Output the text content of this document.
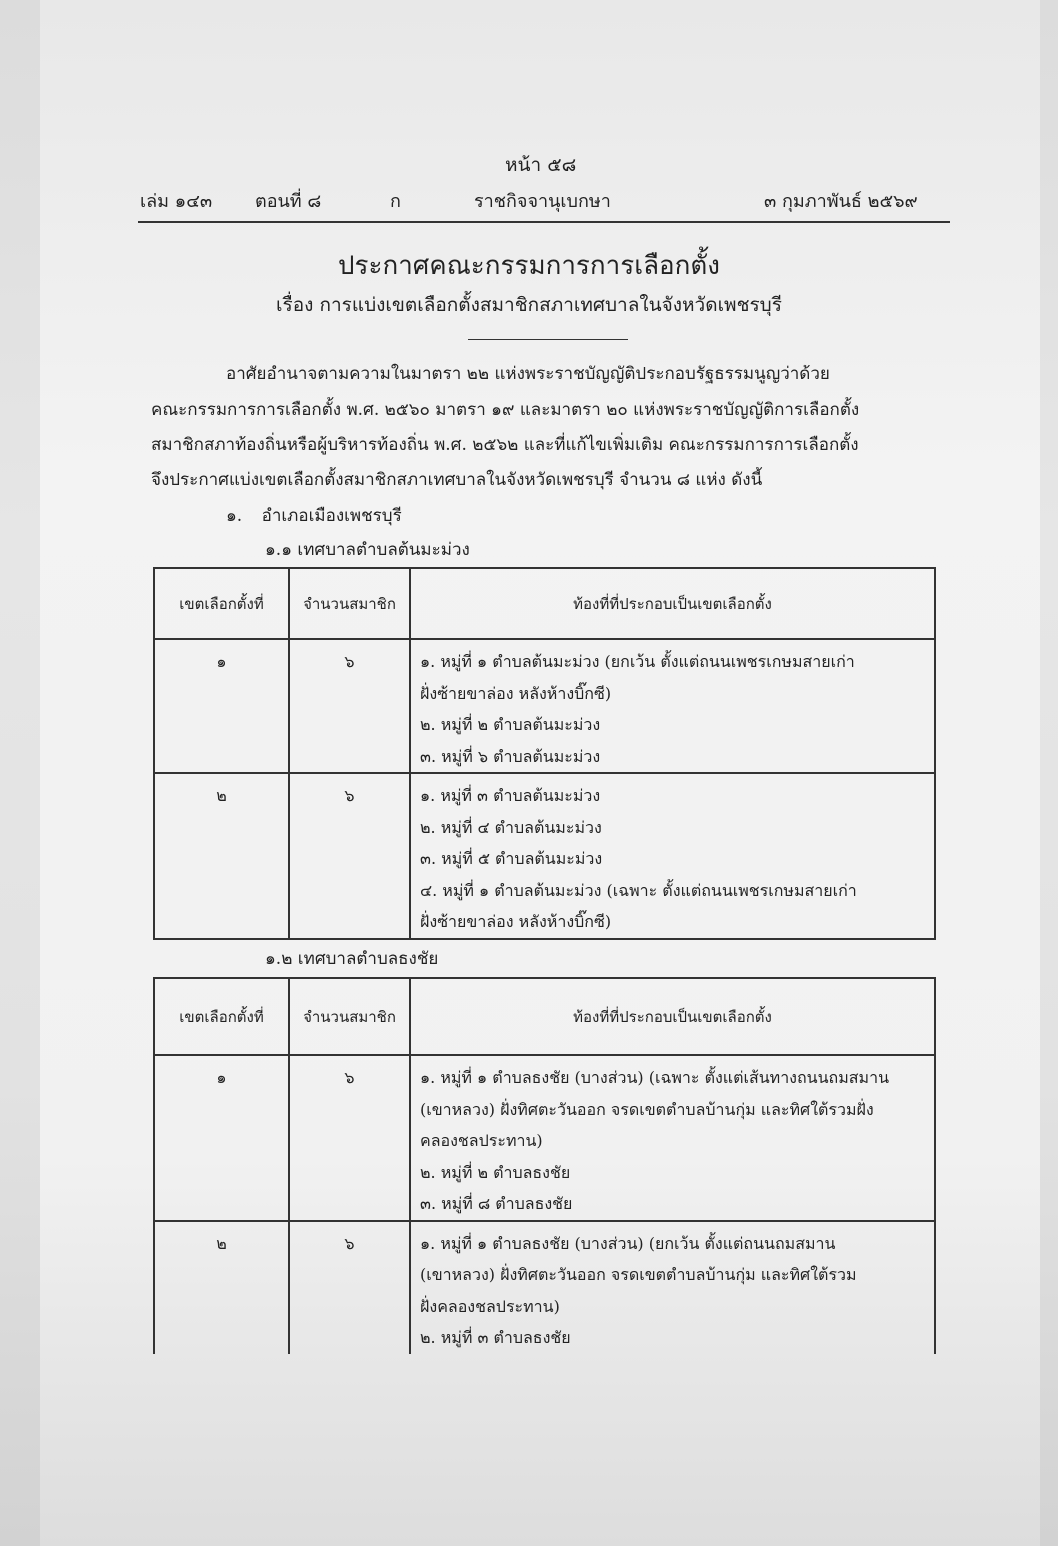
หน้า ๕๘
เล่ม ๑๔๓ ตอนที่ ๘	ก	ราชกิจจานุเบกษา	๓ กุมภาพันธ์ ๒๕๖๙
ประกาศคณะกรรมการการเลือกตั้ง
เรื่อง การแบ่งเขตเลือกตั้งสมาชิกสภาเทศบาลในจังหวัดเพชรบุรี
อาศัยอำนาจตามความในมาตรา ๒๒ แห่งพระราชบัญญัติประกอบรัฐธรรมนูญว่าด้วย
คณะกรรมการการเลือกตั้ง พ.ศ. ๒๕๖๐ มาตรา ๑๙ และมาตรา ๒๐ แห่งพระราชบัญญัติการเลือกตั้ง
สมาชิกสภาท้องถิ่นหรือผู้บริหารท้องถิ่น พ.ศ. ๒๕๖๒ และที่แก้ไขเพิ่มเติม คณะกรรมการการเลือกตั้ง
จึงประกาศแบ่งเขตเลือกตั้งสมาชิกสภาเทศบาลในจังหวัดเพชรบุรี จำนวน ๘ แห่ง ดังนี้
๑. อำเภอเมืองเพชรบุรี
๑.๑ เทศบาลตำบลต้นมะม่วง
เขตเลือกตั้งที่	จำนวนสมาชิก	ท้องที่ที่ประกอบเป็นเขตเลือกตั้ง
๑	๖	๑. หมู่ที่ ๑ ตำบลต้นมะม่วง (ยกเว้น ตั้งแต่ถนนเพชรเกษมสายเก่า
ฝั่งซ้ายขาล่อง หลังห้างบิ๊กซี)
๒. หมู่ที่ ๒ ตำบลต้นมะม่วง
๓. หมู่ที่ ๖ ตำบลต้นมะม่วง

๒	๖	๑. หมู่ที่ ๓ ตำบลต้นมะม่วง
๒. หมู่ที่ ๔ ตำบลต้นมะม่วง
๓. หมู่ที่ ๕ ตำบลต้นมะม่วง
๔. หมู่ที่ ๑ ตำบลต้นมะม่วง (เฉพาะ ตั้งแต่ถนนเพชรเกษมสายเก่า
ฝั่งซ้ายขาล่อง หลังห้างบิ๊กซี)
๑.๒ เทศบาลตำบลธงชัย
เขตเลือกตั้งที่	จำนวนสมาชิก	ท้องที่ที่ประกอบเป็นเขตเลือกตั้ง
๑	๖	๑. หมู่ที่ ๑ ตำบลธงชัย (บางส่วน) (เฉพาะ ตั้งแต่เส้นทางถนนถมสมาน
(เขาหลวง) ฝั่งทิศตะวันออก จรดเขตตำบลบ้านกุ่ม และทิศใต้รวมฝั่ง
คลองชลประทาน)
๒. หมู่ที่ ๒ ตำบลธงชัย
๓. หมู่ที่ ๘ ตำบลธงชัย

๒	๖	๑. หมู่ที่ ๑ ตำบลธงชัย (บางส่วน) (ยกเว้น ตั้งแต่ถนนถมสมาน
(เขาหลวง) ฝั่งทิศตะวันออก จรดเขตตำบลบ้านกุ่ม และทิศใต้รวม
ฝั่งคลองชลประทาน)
๒. หมู่ที่ ๓ ตำบลธงชัย
